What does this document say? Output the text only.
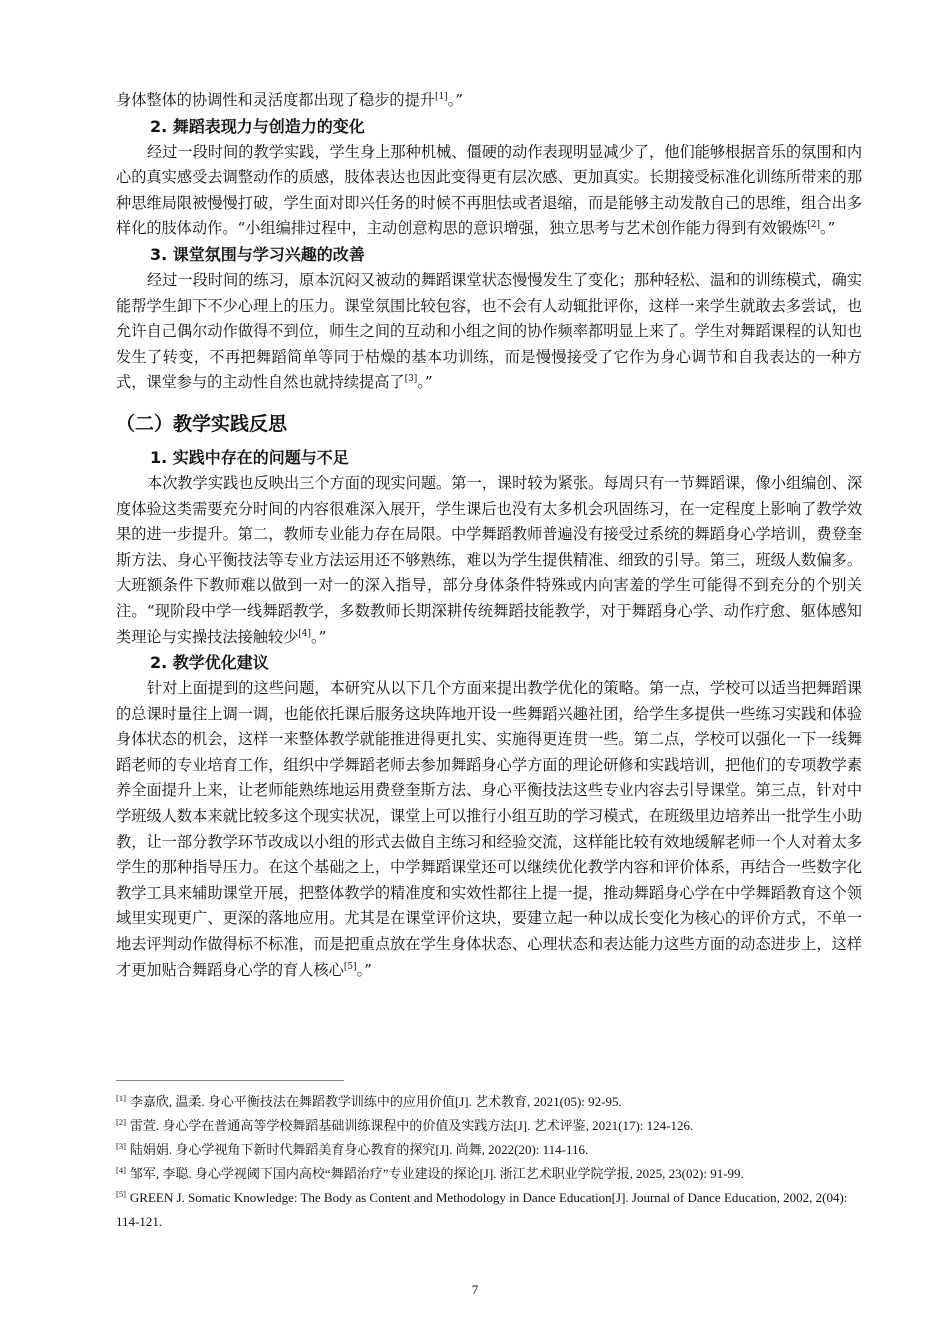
身体整体的协调性和灵活度都出现了稳步的提升[1]。”

2. 舞蹈表现力与创造力的变化

经过一段时间的教学实践，学生身上那种机械、僵硬的动作表现明显减少了，他们能够根据音乐的氛围和内心的真实感受去调整动作的质感，肢体表达也因此变得更有层次感、更加真实。长期接受标准化训练所带来的那种思维局限被慢慢打破，学生面对即兴任务的时候不再胆怯或者退缩，而是能够主动发散自己的思维，组合出多样化的肢体动作。“小组编排过程中，主动创意构思的意识增强，独立思考与艺术创作能力得到有效锻炼[2]。”

3. 课堂氛围与学习兴趣的改善

经过一段时间的练习，原本沉闷又被动的舞蹈课堂状态慢慢发生了变化；那种轻松、温和的训练模式，确实能帮学生卸下不少心理上的压力。课堂氛围比较包容，也不会有人动辄批评你，这样一来学生就敢去多尝试，也允许自己偶尔动作做得不到位，师生之间的互动和小组之间的协作频率都明显上来了。学生对舞蹈课程的认知也发生了转变，不再把舞蹈简单等同于枯燥的基本功训练，而是慢慢接受了它作为身心调节和自我表达的一种方式，课堂参与的主动性自然也就持续提高了[3]。”

（二）教学实践反思
1. 实践中存在的问题与不足

本次教学实践也反映出三个方面的现实问题。第一，课时较为紧张。每周只有一节舞蹈课，像小组编创、深度体验这类需要充分时间的内容很难深入展开，学生课后也没有太多机会巩固练习，在一定程度上影响了教学效果的进一步提升。第二，教师专业能力存在局限。中学舞蹈教师普遍没有接受过系统的舞蹈身心学培训，费登奎斯方法、身心平衡技法等专业方法运用还不够熟练，难以为学生提供精准、细致的引导。第三，班级人数偏多。大班额条件下教师难以做到一对一的深入指导，部分身体条件特殊或内向害羞的学生可能得不到充分的个别关注。“现阶段中学一线舞蹈教学，多数教师长期深耕传统舞蹈技能教学，对于舞蹈身心学、动作疗愈、躯体感知类理论与实操技法接触较少[4]。”

2. 教学优化建议

针对上面提到的这些问题，本研究从以下几个方面来提出教学优化的策略。第一点，学校可以适当把舞蹈课的总课时量往上调一调，也能依托课后服务这块阵地开设一些舞蹈兴趣社团，给学生多提供一些练习实践和体验身体状态的机会，这样一来整体教学就能推进得更扎实、实施得更连贯一些。第二点，学校可以强化一下一线舞蹈老师的专业培育工作，组织中学舞蹈老师去参加舞蹈身心学方面的理论研修和实践培训，把他们的专项教学素养全面提升上来，让老师能熟练地运用费登奎斯方法、身心平衡技法这些专业内容去引导课堂。第三点，针对中学班级人数本来就比较多这个现实状况，课堂上可以推行小组互助的学习模式，在班级里边培养出一批学生小助教，让一部分教学环节改成以小组的形式去做自主练习和经验交流，这样能比较有效地缓解老师一个人对着太多学生的那种指导压力。在这个基础之上，中学舞蹈课堂还可以继续优化教学内容和评价体系，再结合一些数字化教学工具来辅助课堂开展，把整体教学的精准度和实效性都往上提一提，推动舞蹈身心学在中学舞蹈教育这个领域里实现更广、更深的落地应用。尤其是在课堂评价这块，要建立起一种以成长变化为核心的评价方式，不单一地去评判动作做得标不标准，而是把重点放在学生身体状态、心理状态和表达能力这些方面的动态进步上，这样才更加贴合舞蹈身心学的育人核心[5]。”

[1] 李嘉欣, 温柔. 身心平衡技法在舞蹈教学训练中的应用价值[J]. 艺术教育, 2021(05): 92-95.

[2] 雷萱. 身心学在普通高等学校舞蹈基础训练课程中的价值及实践方法[J]. 艺术评鉴, 2021(17): 124-126.

[3] 陆娟娟. 身心学视角下新时代舞蹈美育身心教育的探究[J]. 尚舞, 2022(20): 114-116.

[4] 邹军, 李聪. 身心学视阈下国内高校“舞蹈治疗”专业建设的探论[J]. 浙江艺术职业学院学报, 2025, 23(02): 91-99.

[5] GREEN J. Somatic Knowledge: The Body as Content and Methodology in Dance Education[J]. Journal of Dance Education, 2002, 2(04): 114-121.

7
